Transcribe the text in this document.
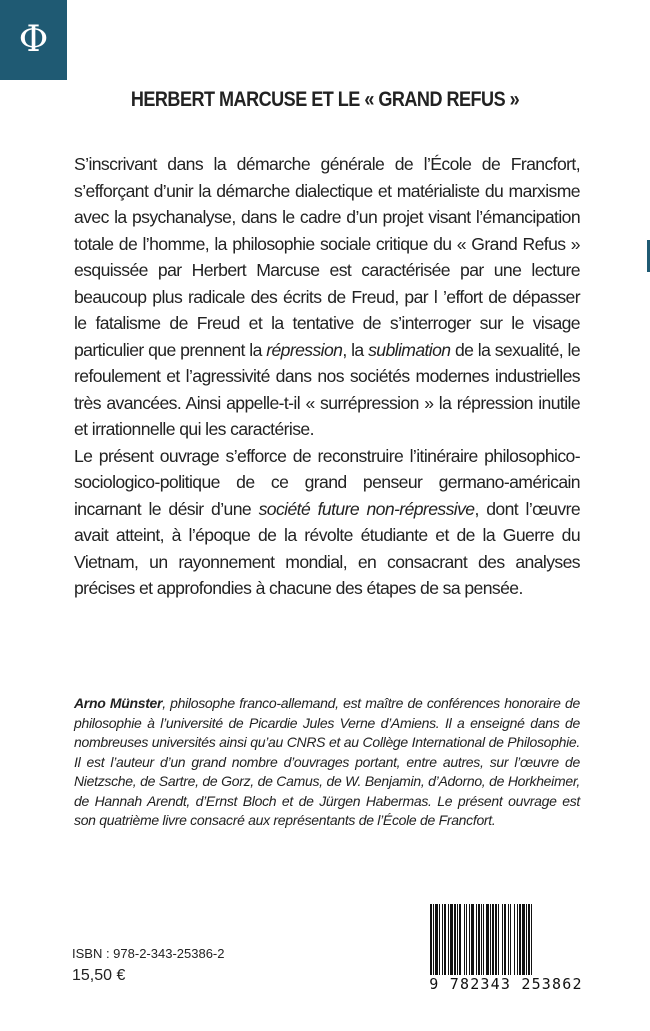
Φ
HERBERT MARCUSE ET LE « GRAND REFUS »

S’inscrivant dans la démarche générale de l’École de Francfort, s’efforçant d’unir la démarche dialectique et matérialiste du marxisme avec la psychanalyse, dans le cadre d’un projet visant l’émancipation totale de l’homme, la philosophie sociale critique du « Grand Refus » esquissée par Herbert Marcuse est caractérisée par une lecture beaucoup plus radicale des écrits de Freud, par l ’effort de dépasser le fatalisme de Freud et la tentative de s’interroger sur le visage particulier que prennent la répression, la sublimation de la sexualité, le refoulement et l’agressivité dans nos sociétés modernes industrielles très avancées. Ainsi appelle-t-il « surrépression » la répression inutile et irrationnelle qui les caractérise.

Le présent ouvrage s’efforce de reconstruire l’itinéraire philosophico-sociologico-politique de ce grand penseur germano-américain incarnant le désir d’une société future non-répressive, dont l’œuvre avait atteint, à l’époque de la révolte étudiante et de la Guerre du Vietnam, un rayonnement mondial, en consacrant des analyses précises et approfondies à chacune des étapes de sa pensée.

Arno Münster, philosophe franco-allemand, est maître de conférences honoraire de philosophie à l’université de Picardie Jules Verne d’Amiens. Il a enseigné dans de nombreuses universités ainsi qu’au CNRS et au Collège International de Philosophie. Il est l’auteur d’un grand nombre d’ouvrages portant, entre autres, sur l’œuvre de Nietzsche, de Sartre, de Gorz, de Camus, de W. Benjamin, d’Adorno, de Horkheimer, de Hannah Arendt, d’Ernst Bloch et de Jürgen Habermas. Le présent ouvrage est son quatrième livre consacré aux représentants de l’École de Francfort.
ISBN : 978-2-343-25386-2
15,50 €	9 782343 253862
